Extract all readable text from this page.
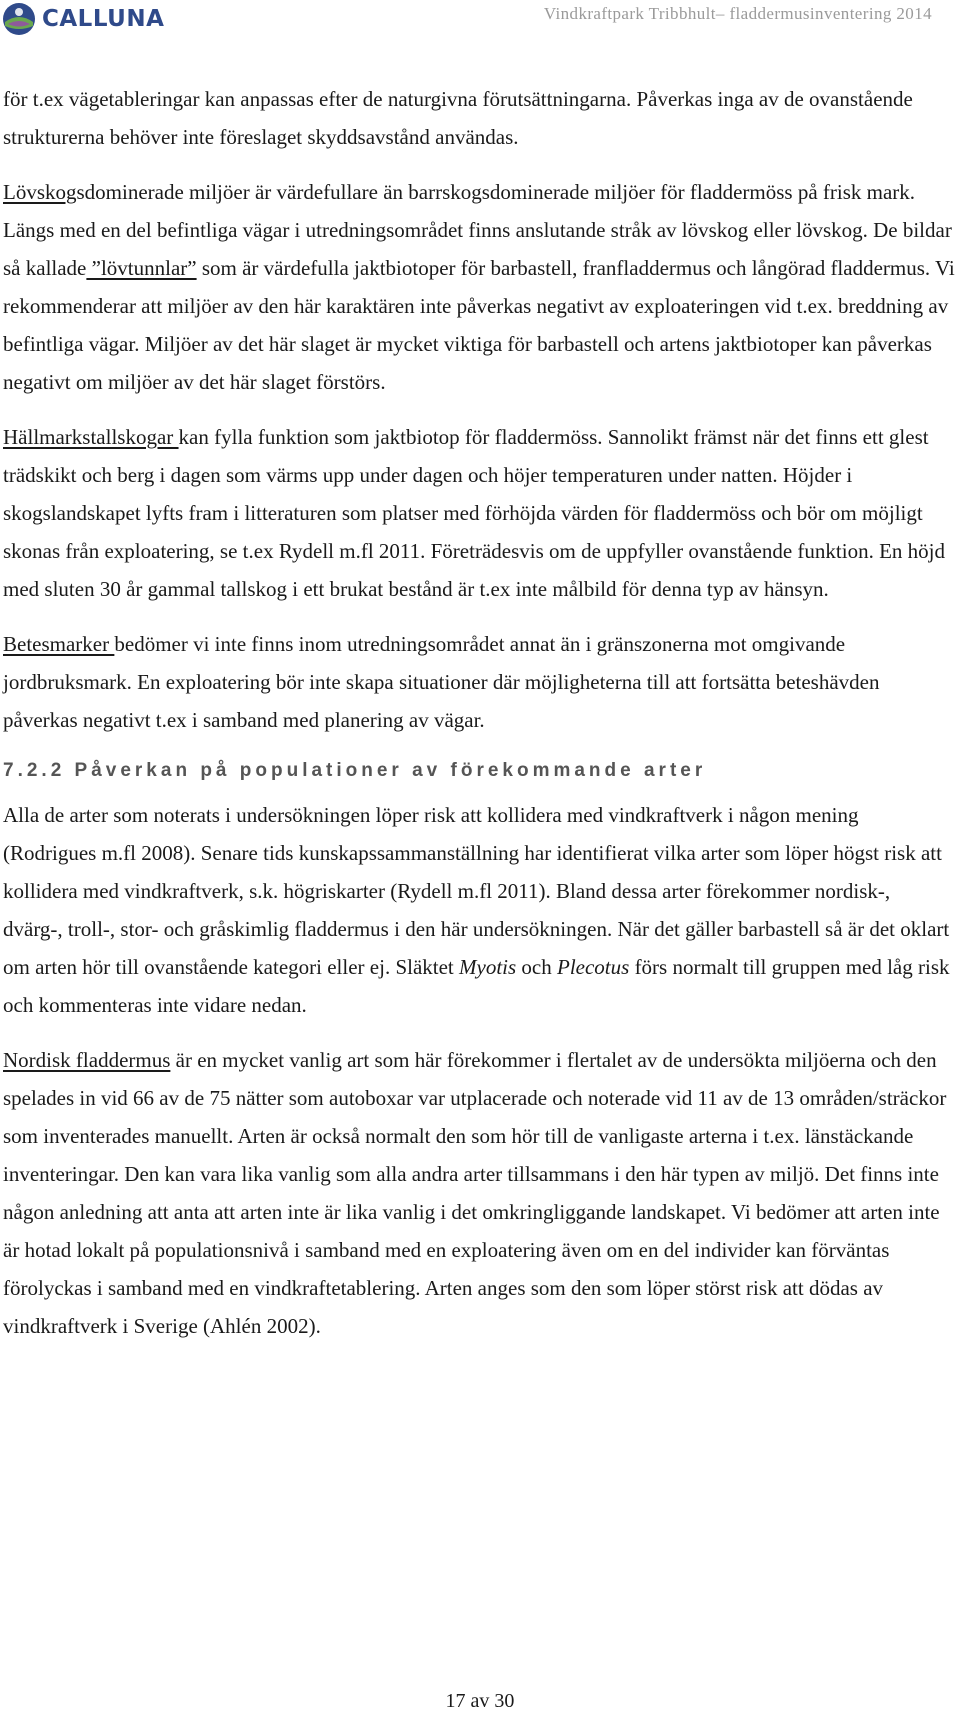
CALLUNA	Vindkraftpark Tribbhult– fladdermusinventering 2014

för t.ex vägetableringar kan anpassas efter de naturgivna förutsättningarna. Påverkas inga av de ovanstående strukturerna behöver inte föreslaget skyddsavstånd användas.

Lövskogsdominerade miljöer är värdefullare än barrskogsdominerade miljöer för fladdermöss på frisk mark. Längs med en del befintliga vägar i utredningsområdet finns anslutande stråk av lövskog eller lövskog. De bildar så kallade ”lövtunnlar” som är värdefulla jaktbiotoper för barbastell, franfladdermus och långörad fladdermus. Vi rekommenderar att miljöer av den här karaktären inte påverkas negativt av exploateringen vid t.ex. breddning av befintliga vägar. Miljöer av det här slaget är mycket viktiga för barbastell och artens jaktbiotoper kan påverkas negativt om miljöer av det här slaget förstörs.

Hällmarkstallskogar kan fylla funktion som jaktbiotop för fladdermöss. Sannolikt främst när det finns ett glest trädskikt och berg i dagen som värms upp under dagen och höjer temperaturen under natten. Höjder i skogslandskapet lyfts fram i litteraturen som platser med förhöjda värden för fladdermöss och bör om möjligt skonas från exploatering, se t.ex Rydell m.fl 2011. Företrädesvis om de uppfyller ovanstående funktion. En höjd med sluten 30 år gammal tallskog i ett brukat bestånd är t.ex inte målbild för denna typ av hänsyn.

Betesmarker bedömer vi inte finns inom utredningsområdet annat än i gränszonerna mot omgivande jordbruksmark. En exploatering bör inte skapa situationer där möjligheterna till att fortsätta beteshävden påverkas negativt t.ex i samband med planering av vägar.

7.2.2 Påverkan på populationer av förekommande arter

Alla de arter som noterats i undersökningen löper risk att kollidera med vindkraftverk i någon mening (Rodrigues m.fl 2008). Senare tids kunskapssammanställning har identifierat vilka arter som löper högst risk att kollidera med vindkraftverk, s.k. högriskarter (Rydell m.fl 2011). Bland dessa arter förekommer nordisk-, dvärg-, troll-, stor- och gråskimlig fladdermus i den här undersökningen. När det gäller barbastell så är det oklart om arten hör till ovanstående kategori eller ej. Släktet Myotis och Plecotus förs normalt till gruppen med låg risk och kommenteras inte vidare nedan.

Nordisk fladdermus är en mycket vanlig art som här förekommer i flertalet av de undersökta miljöerna och den spelades in vid 66 av de 75 nätter som autoboxar var utplacerade och noterade vid 11 av de 13 områden/sträckor som inventerades manuellt. Arten är också normalt den som hör till de vanligaste arterna i t.ex. länstäckande inventeringar. Den kan vara lika vanlig som alla andra arter tillsammans i den här typen av miljö. Det finns inte någon anledning att anta att arten inte är lika vanlig i det omkringliggande landskapet. Vi bedömer att arten inte är hotad lokalt på populationsnivå i samband med en exploatering även om en del individer kan förväntas förolyckas i samband med en vindkraftetablering. Arten anges som den som löper störst risk att dödas av vindkraftverk i Sverige (Ahlén 2002).

17 av 30
